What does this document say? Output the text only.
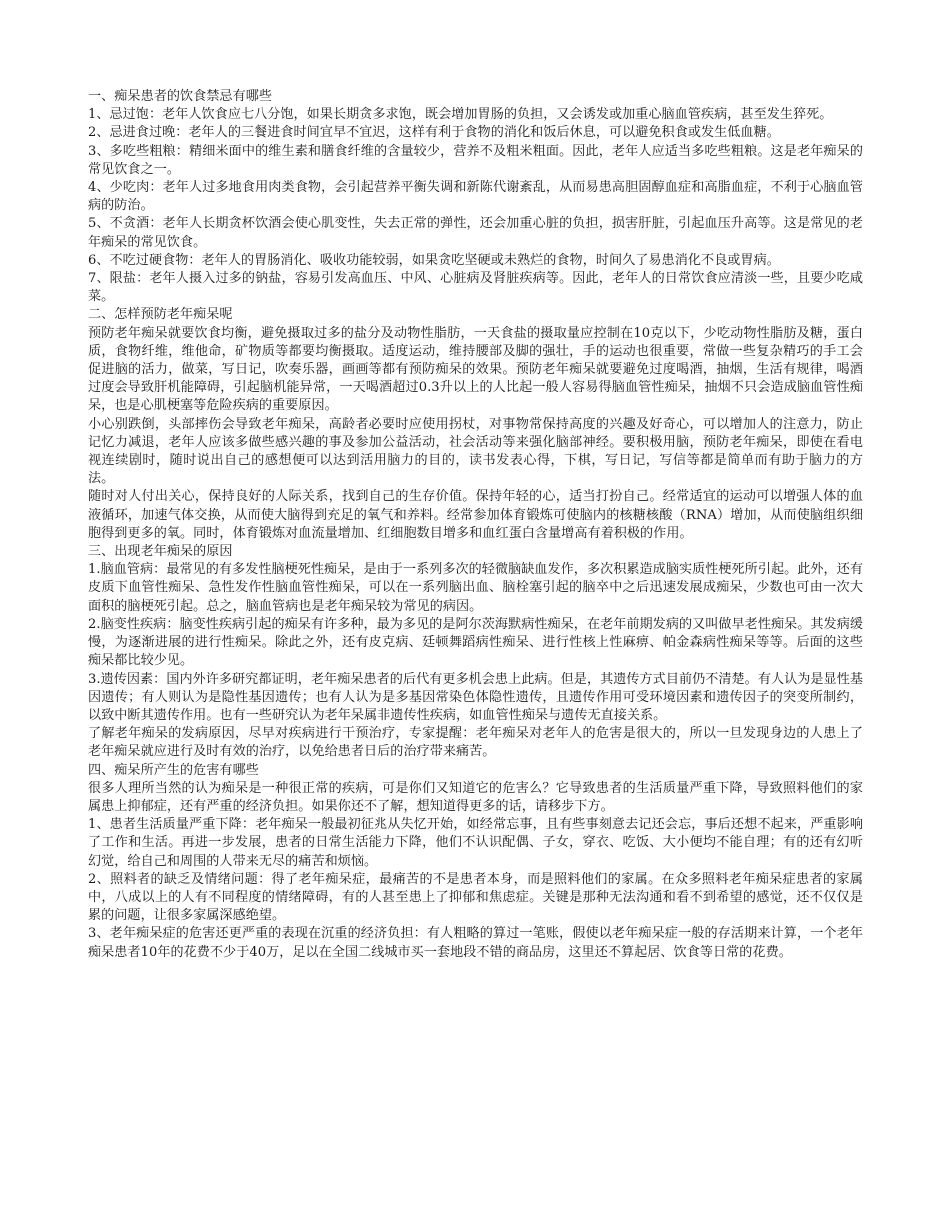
一、痴呆患者的饮食禁忌有哪些

1、忌过饱：老年人饮食应七八分饱，如果长期贪多求饱，既会增加胃肠的负担，又会诱发或加重心脑血管疾病，甚至发生猝死。

2、忌进食过晚：老年人的三餐进食时间宜早不宜迟，这样有利于食物的消化和饭后休息，可以避免积食或发生低血糖。

3、多吃些粗粮：精细米面中的维生素和膳食纤维的含量较少，营养不及粗米粗面。因此，老年人应适当多吃些粗粮。这是老年痴呆的常见饮食之一。

4、少吃肉：老年人过多地食用肉类食物，会引起营养平衡失调和新陈代谢紊乱，从而易患高胆固醇血症和高脂血症，不利于心脑血管病的防治。

5、不贪酒：老年人长期贪杯饮酒会使心肌变性，失去正常的弹性，还会加重心脏的负担，损害肝脏，引起血压升高等。这是常见的老年痴呆的常见饮食。

6、不吃过硬食物：老年人的胃肠消化、吸收功能较弱，如果贪吃坚硬或未熟烂的食物，时间久了易患消化不良或胃病。

7、限盐：老年人摄入过多的钠盐，容易引发高血压、中风、心脏病及肾脏疾病等。因此，老年人的日常饮食应清淡一些，且要少吃咸菜。

二、怎样预防老年痴呆呢

预防老年痴呆就要饮食均衡，避免摄取过多的盐分及动物性脂肪，一天食盐的摄取量应控制在10克以下，少吃动物性脂肪及糖，蛋白质，食物纤维，维他命，矿物质等都要均衡摄取。适度运动，维持腰部及脚的强壮，手的运动也很重要，常做一些复杂精巧的手工会促进脑的活力，做菜，写日记，吹奏乐器，画画等都有预防痴呆的效果。预防老年痴呆就要避免过度喝酒，抽烟，生活有规律，喝酒过度会导致肝机能障碍，引起脑机能异常，一天喝酒超过0.3升以上的人比起一般人容易得脑血管性痴呆，抽烟不只会造成脑血管性痴呆，也是心肌梗塞等危险疾病的重要原因。

小心别跌倒，头部摔伤会导致老年痴呆，高龄者必要时应使用拐杖，对事物常保持高度的兴趣及好奇心，可以增加人的注意力，防止记忆力减退，老年人应该多做些感兴趣的事及参加公益活动，社会活动等来强化脑部神经。要积极用脑，预防老年痴呆，即使在看电视连续剧时，随时说出自己的感想便可以达到活用脑力的目的，读书发表心得，下棋，写日记，写信等都是简单而有助于脑力的方法。

随时对人付出关心，保持良好的人际关系，找到自己的生存价值。保持年轻的心，适当打扮自己。经常适宜的运动可以增强人体的血液循环，加速气体交换，从而使大脑得到充足的氧气和养料。经常参加体育锻炼可使脑内的核糖核酸（RNA）增加，从而使脑组织细胞得到更多的氧。同时，体育锻炼对血流量增加、红细胞数目增多和血红蛋白含量增高有着积极的作用。

三、出现老年痴呆的原因

1.脑血管病：最常见的有多发性脑梗死性痴呆，是由于一系列多次的轻微脑缺血发作，多次积累造成脑实质性梗死所引起。此外，还有皮质下血管性痴呆、急性发作性脑血管性痴呆，可以在一系列脑出血、脑栓塞引起的脑卒中之后迅速发展成痴呆，少数也可由一次大面积的脑梗死引起。总之，脑血管病也是老年痴呆较为常见的病因。

2.脑变性疾病：脑变性疾病引起的痴呆有许多种，最为多见的是阿尔茨海默病性痴呆，在老年前期发病的又叫做早老性痴呆。其发病缓慢，为逐渐进展的进行性痴呆。除此之外，还有皮克病、廷顿舞蹈病性痴呆、进行性核上性麻痹、帕金森病性痴呆等等。后面的这些痴呆都比较少见。

3.遗传因素：国内外许多研究都证明，老年痴呆患者的后代有更多机会患上此病。但是，其遗传方式目前仍不清楚。有人认为是显性基因遗传；有人则认为是隐性基因遗传；也有人认为是多基因常染色体隐性遗传，且遗传作用可受环境因素和遗传因子的突变所制约，以致中断其遗传作用。也有一些研究认为老年呆属非遗传性疾病，如血管性痴呆与遗传无直接关系。

了解老年痴呆的发病原因，尽早对疾病进行干预治疗，专家提醒：老年痴呆对老年人的危害是很大的，所以一旦发现身边的人患上了老年痴呆就应进行及时有效的治疗，以免给患者日后的治疗带来痛苦。

四、痴呆所产生的危害有哪些

很多人理所当然的认为痴呆是一种很正常的疾病，可是你们又知道它的危害么？它导致患者的生活质量严重下降，导致照料他们的家属患上抑郁症，还有严重的经济负担。如果你还不了解，想知道得更多的话，请移步下方。

1、患者生活质量严重下降：老年痴呆一般最初征兆从失忆开始，如经常忘事，且有些事刻意去记还会忘，事后还想不起来，严重影响了工作和生活。再进一步发展，患者的日常生活能力下降，他们不认识配偶、子女，穿衣、吃饭、大小便均不能自理；有的还有幻听幻觉，给自己和周围的人带来无尽的痛苦和烦恼。

2、照料者的缺乏及情绪问题：得了老年痴呆症，最痛苦的不是患者本身，而是照料他们的家属。在众多照料老年痴呆症患者的家属中，八成以上的人有不同程度的情绪障碍，有的人甚至患上了抑郁和焦虑症。关键是那种无法沟通和看不到希望的感觉，还不仅仅是累的问题，让很多家属深感绝望。

3、老年痴呆症的危害还更严重的表现在沉重的经济负担：有人粗略的算过一笔账，假使以老年痴呆症一般的存活期来计算，一个老年痴呆患者10年的花费不少于40万，足以在全国二线城市买一套地段不错的商品房，这里还不算起居、饮食等日常的花费。
